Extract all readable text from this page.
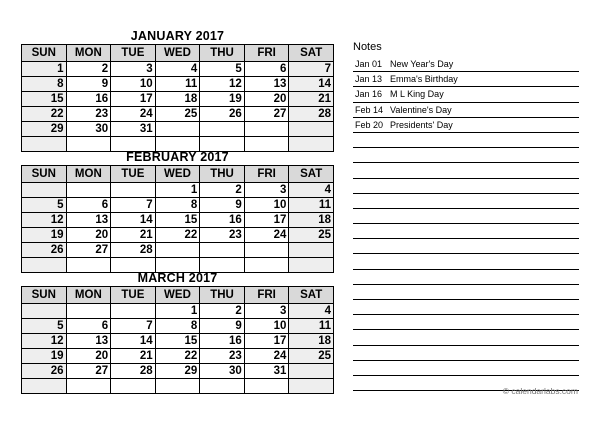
JANUARY 2017
SUN	MON	TUE	WED	THU	FRI	SAT
1	2	3	4	5	6	7
8	9	10	11	12	13	14
15	16	17	18	19	20	21
22	23	24	25	26	27	28
29	30	31				

FEBRUARY 2017
SUN	MON	TUE	WED	THU	FRI	SAT
			1	2	3	4
5	6	7	8	9	10	11
12	13	14	15	16	17	18
19	20	21	22	23	24	25
26	27	28				

MARCH 2017
SUN	MON	TUE	WED	THU	FRI	SAT
			1	2	3	4
5	6	7	8	9	10	11
12	13	14	15	16	17	18
19	20	21	22	23	24	25
26	27	28	29	30	31	

Notes
Jan 01 New Year's Day
Jan 13 Emma's Birthday
Jan 16 M L King Day
Feb 14 Valentine's Day
Feb 20 Presidents' Day
© calendarlabs.com
